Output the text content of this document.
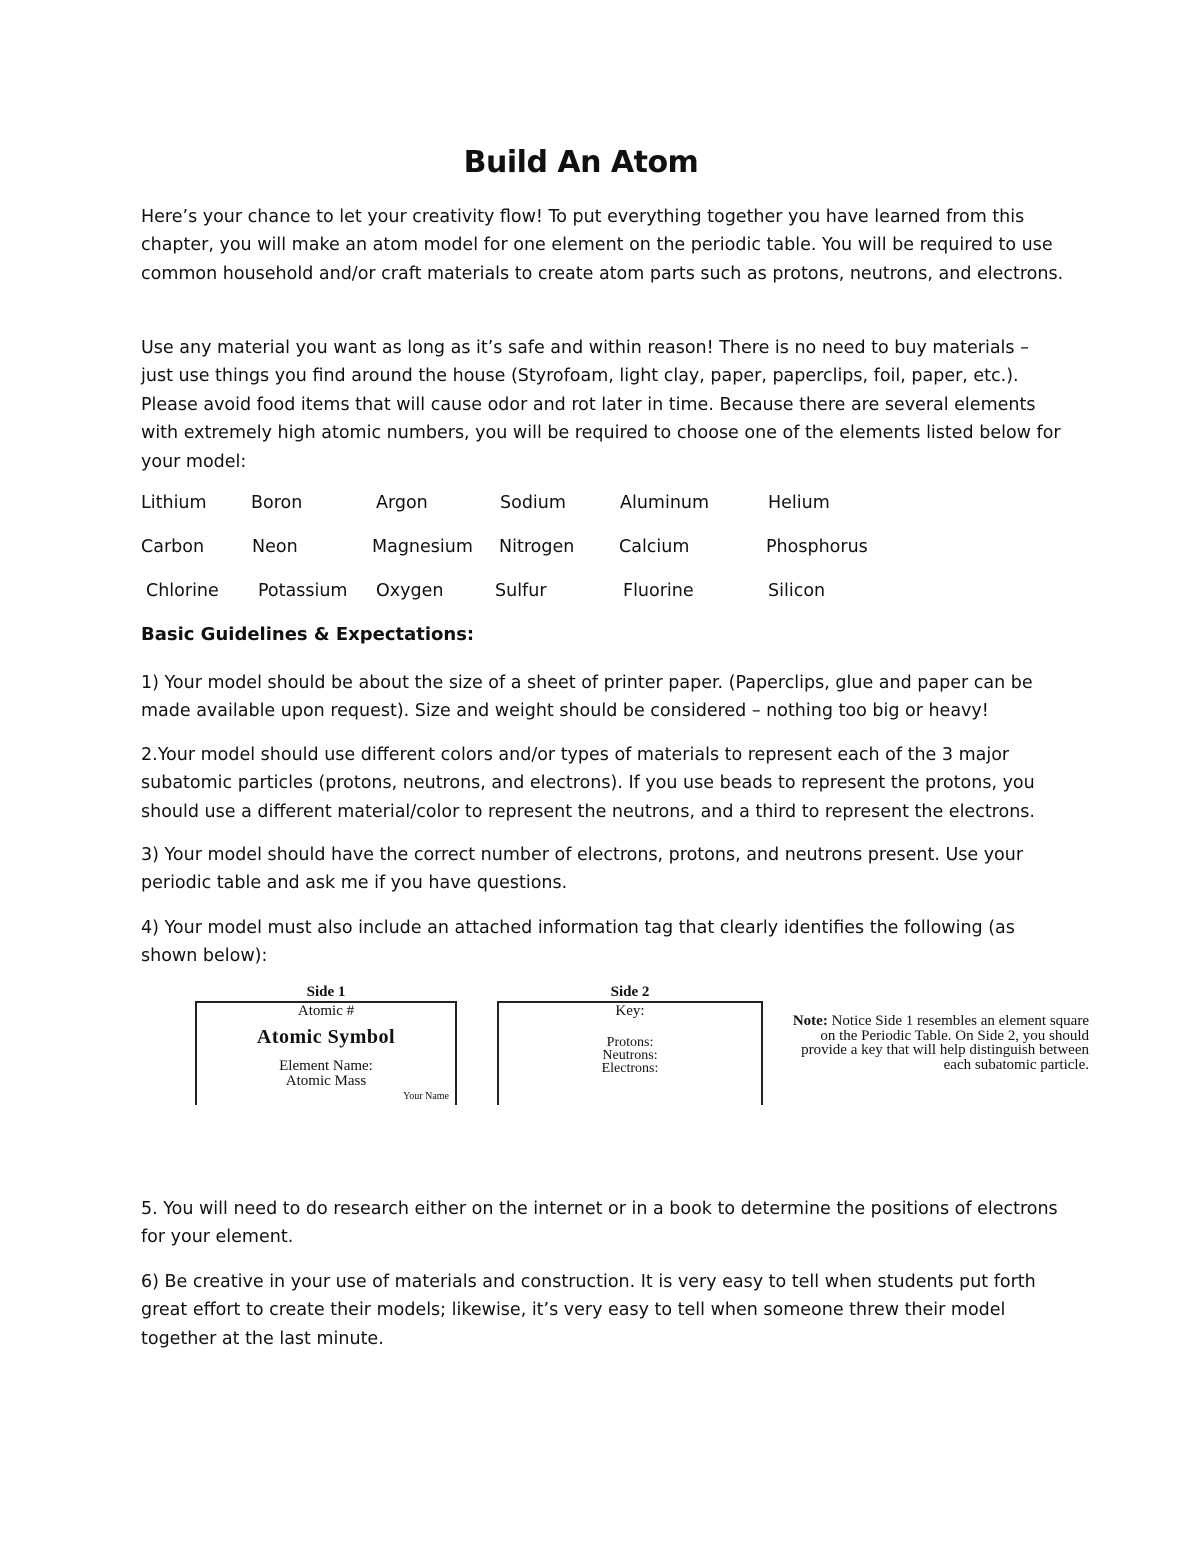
Build An Atom

Here’s your chance to let your creativity flow! To put everything together you have learned from this chapter, you will make an atom model for one element on the periodic table. You will be required to use common household and/or craft materials to create atom parts such as protons, neutrons, and electrons.

Use any material you want as long as it’s safe and within reason! There is no need to buy materials – just use things you find around the house (Styrofoam, light clay, paper, paperclips, foil, paper, etc.). Please avoid food items that will cause odor and rot later in time. Because there are several elements with extremely high atomic numbers, you will be required to choose one of the elements listed below for your model:

Lithium	Boron	Argon	Sodium	Aluminum	Helium
Carbon	Neon	Magnesium Nitrogen	Calcium	Phosphorus
Chlorine Potassium Oxygen	Sulfur	Fluorine	Silicon
Basic Guidelines & Expectations:

1) Your model should be about the size of a sheet of printer paper. (Paperclips, glue and paper can be made available upon request). Size and weight should be considered – nothing too big or heavy!

2.Your model should use different colors and/or types of materials to represent each of the 3 major subatomic particles (protons, neutrons, and electrons). If you use beads to represent the protons, you should use a different material/color to represent the neutrons, and a third to represent the electrons.

3) Your model should have the correct number of electrons, protons, and neutrons present. Use your periodic table and ask me if you have questions.

4) Your model must also include an attached information tag that clearly identifies the following (as shown below):

Side 1	Side 2
Atomic #
Atomic Symbol
Element Name:
Atomic Mass
Your Name
Key:
Protons:
Neutrons:
Electrons:
Note: Notice Side 1 resembles an element square on the Periodic Table. On Side 2, you should provide a key that will help distinguish between each subatomic particle.

5. You will need to do research either on the internet or in a book to determine the positions of electrons for your element.

6) Be creative in your use of materials and construction. It is very easy to tell when students put forth great effort to create their models; likewise, it’s very easy to tell when someone threw their model together at the last minute.
